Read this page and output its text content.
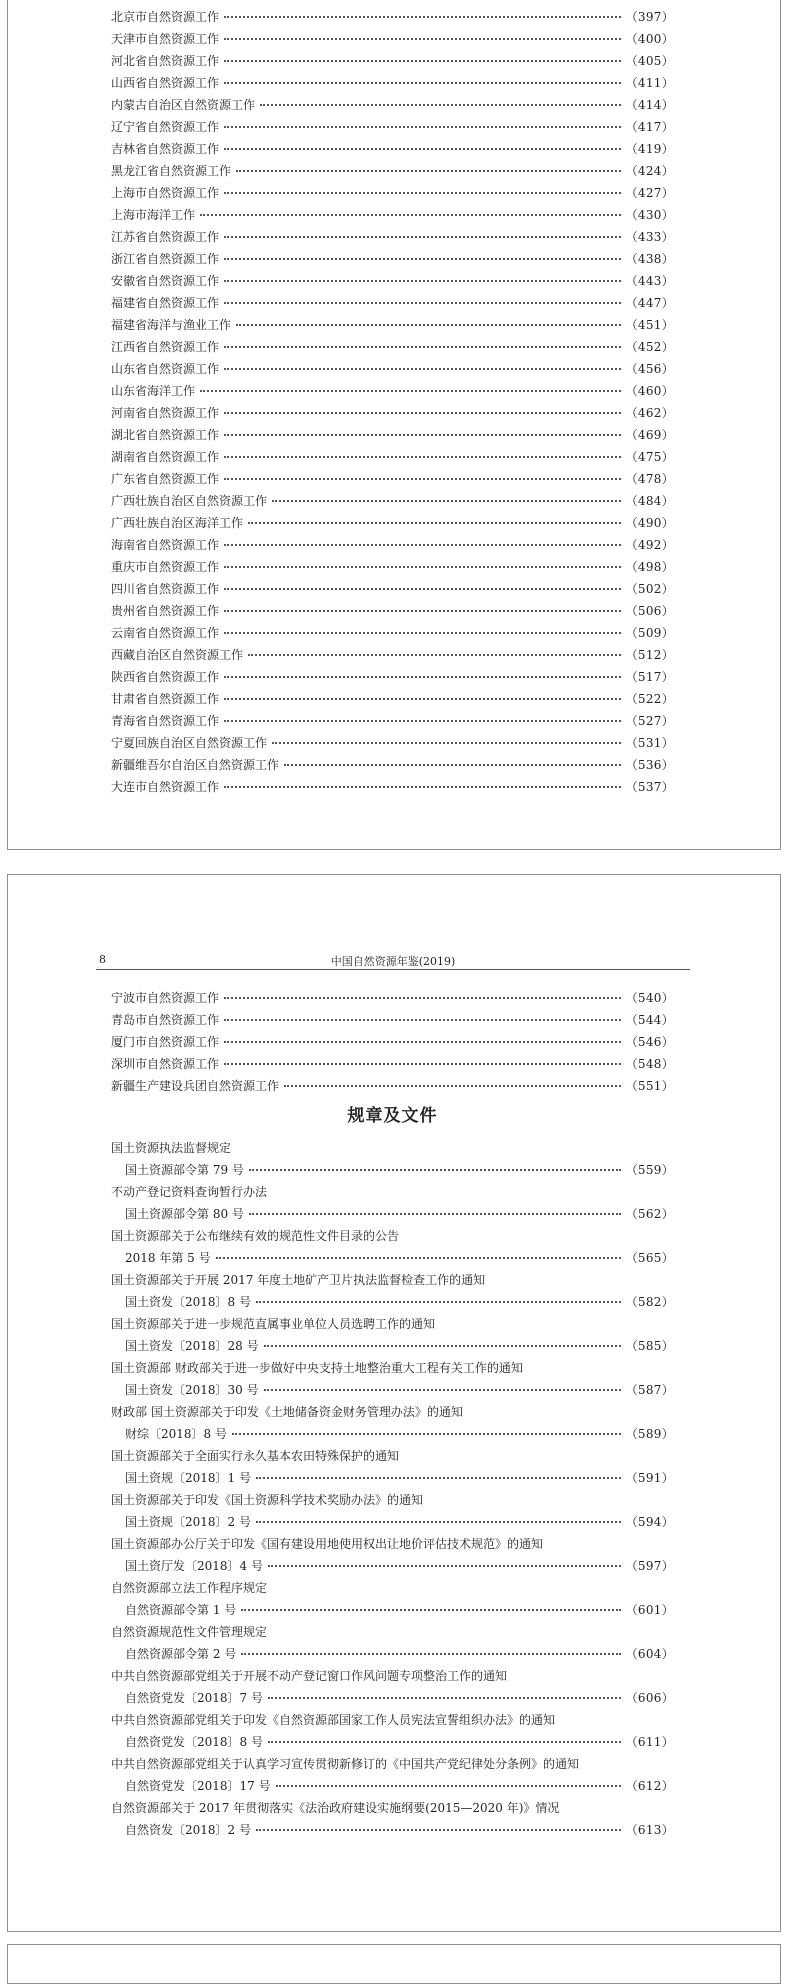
北京市自然资源工作	（397）
天津市自然资源工作	（400）
河北省自然资源工作	（405）
山西省自然资源工作	（411）
内蒙古自治区自然资源工作	（414）
辽宁省自然资源工作	（417）
吉林省自然资源工作	（419）
黑龙江省自然资源工作	（424）
上海市自然资源工作	（427）
上海市海洋工作	（430）
江苏省自然资源工作	（433）
浙江省自然资源工作	（438）
安徽省自然资源工作	（443）
福建省自然资源工作	（447）
福建省海洋与渔业工作	（451）
江西省自然资源工作	（452）
山东省自然资源工作	（456）
山东省海洋工作	（460）
河南省自然资源工作	（462）
湖北省自然资源工作	（469）
湖南省自然资源工作	（475）
广东省自然资源工作	（478）
广西壮族自治区自然资源工作	（484）
广西壮族自治区海洋工作	（490）
海南省自然资源工作	（492）
重庆市自然资源工作	（498）
四川省自然资源工作	（502）
贵州省自然资源工作	（506）
云南省自然资源工作	（509）
西藏自治区自然资源工作	（512）
陕西省自然资源工作	（517）
甘肃省自然资源工作	（522）
青海省自然资源工作	（527）
宁夏回族自治区自然资源工作	（531）
新疆维吾尔自治区自然资源工作	（536）
大连市自然资源工作	（537）
8	中国自然资源年鉴(2019)
宁波市自然资源工作	（540）
青岛市自然资源工作	（544）
厦门市自然资源工作	（546）
深圳市自然资源工作	（548）
新疆生产建设兵团自然资源工作	（551）
规章及文件
国土资源执法监督规定
国土资源部令第 79 号	（559）
不动产登记资料查询暂行办法
国土资源部令第 80 号	（562）
国土资源部关于公布继续有效的规范性文件目录的公告
2018 年第 5 号	（565）
国土资源部关于开展 2017 年度土地矿产卫片执法监督检查工作的通知
国土资发〔2018〕8 号	（582）
国土资源部关于进一步规范直属事业单位人员选聘工作的通知
国土资发〔2018〕28 号	（585）
国土资源部 财政部关于进一步做好中央支持土地整治重大工程有关工作的通知
国土资发〔2018〕30 号	（587）
财政部 国土资源部关于印发《土地储备资金财务管理办法》的通知
财综〔2018〕8 号	（589）
国土资源部关于全面实行永久基本农田特殊保护的通知
国土资规〔2018〕1 号	（591）
国土资源部关于印发《国土资源科学技术奖励办法》的通知
国土资规〔2018〕2 号	（594）
国土资源部办公厅关于印发《国有建设用地使用权出让地价评估技术规范》的通知
国土资厅发〔2018〕4 号	（597）
自然资源部立法工作程序规定
自然资源部令第 1 号	（601）
自然资源规范性文件管理规定
自然资源部令第 2 号	（604）
中共自然资源部党组关于开展不动产登记窗口作风问题专项整治工作的通知
自然资党发〔2018〕7 号	（606）
中共自然资源部党组关于印发《自然资源部国家工作人员宪法宣誓组织办法》的通知
自然资党发〔2018〕8 号	（611）
中共自然资源部党组关于认真学习宣传贯彻新修订的《中国共产党纪律处分条例》的通知
自然资党发〔2018〕17 号	（612）
自然资源部关于 2017 年贯彻落实《法治政府建设实施纲要(2015—2020 年)》情况
自然资发〔2018〕2 号	（613）
